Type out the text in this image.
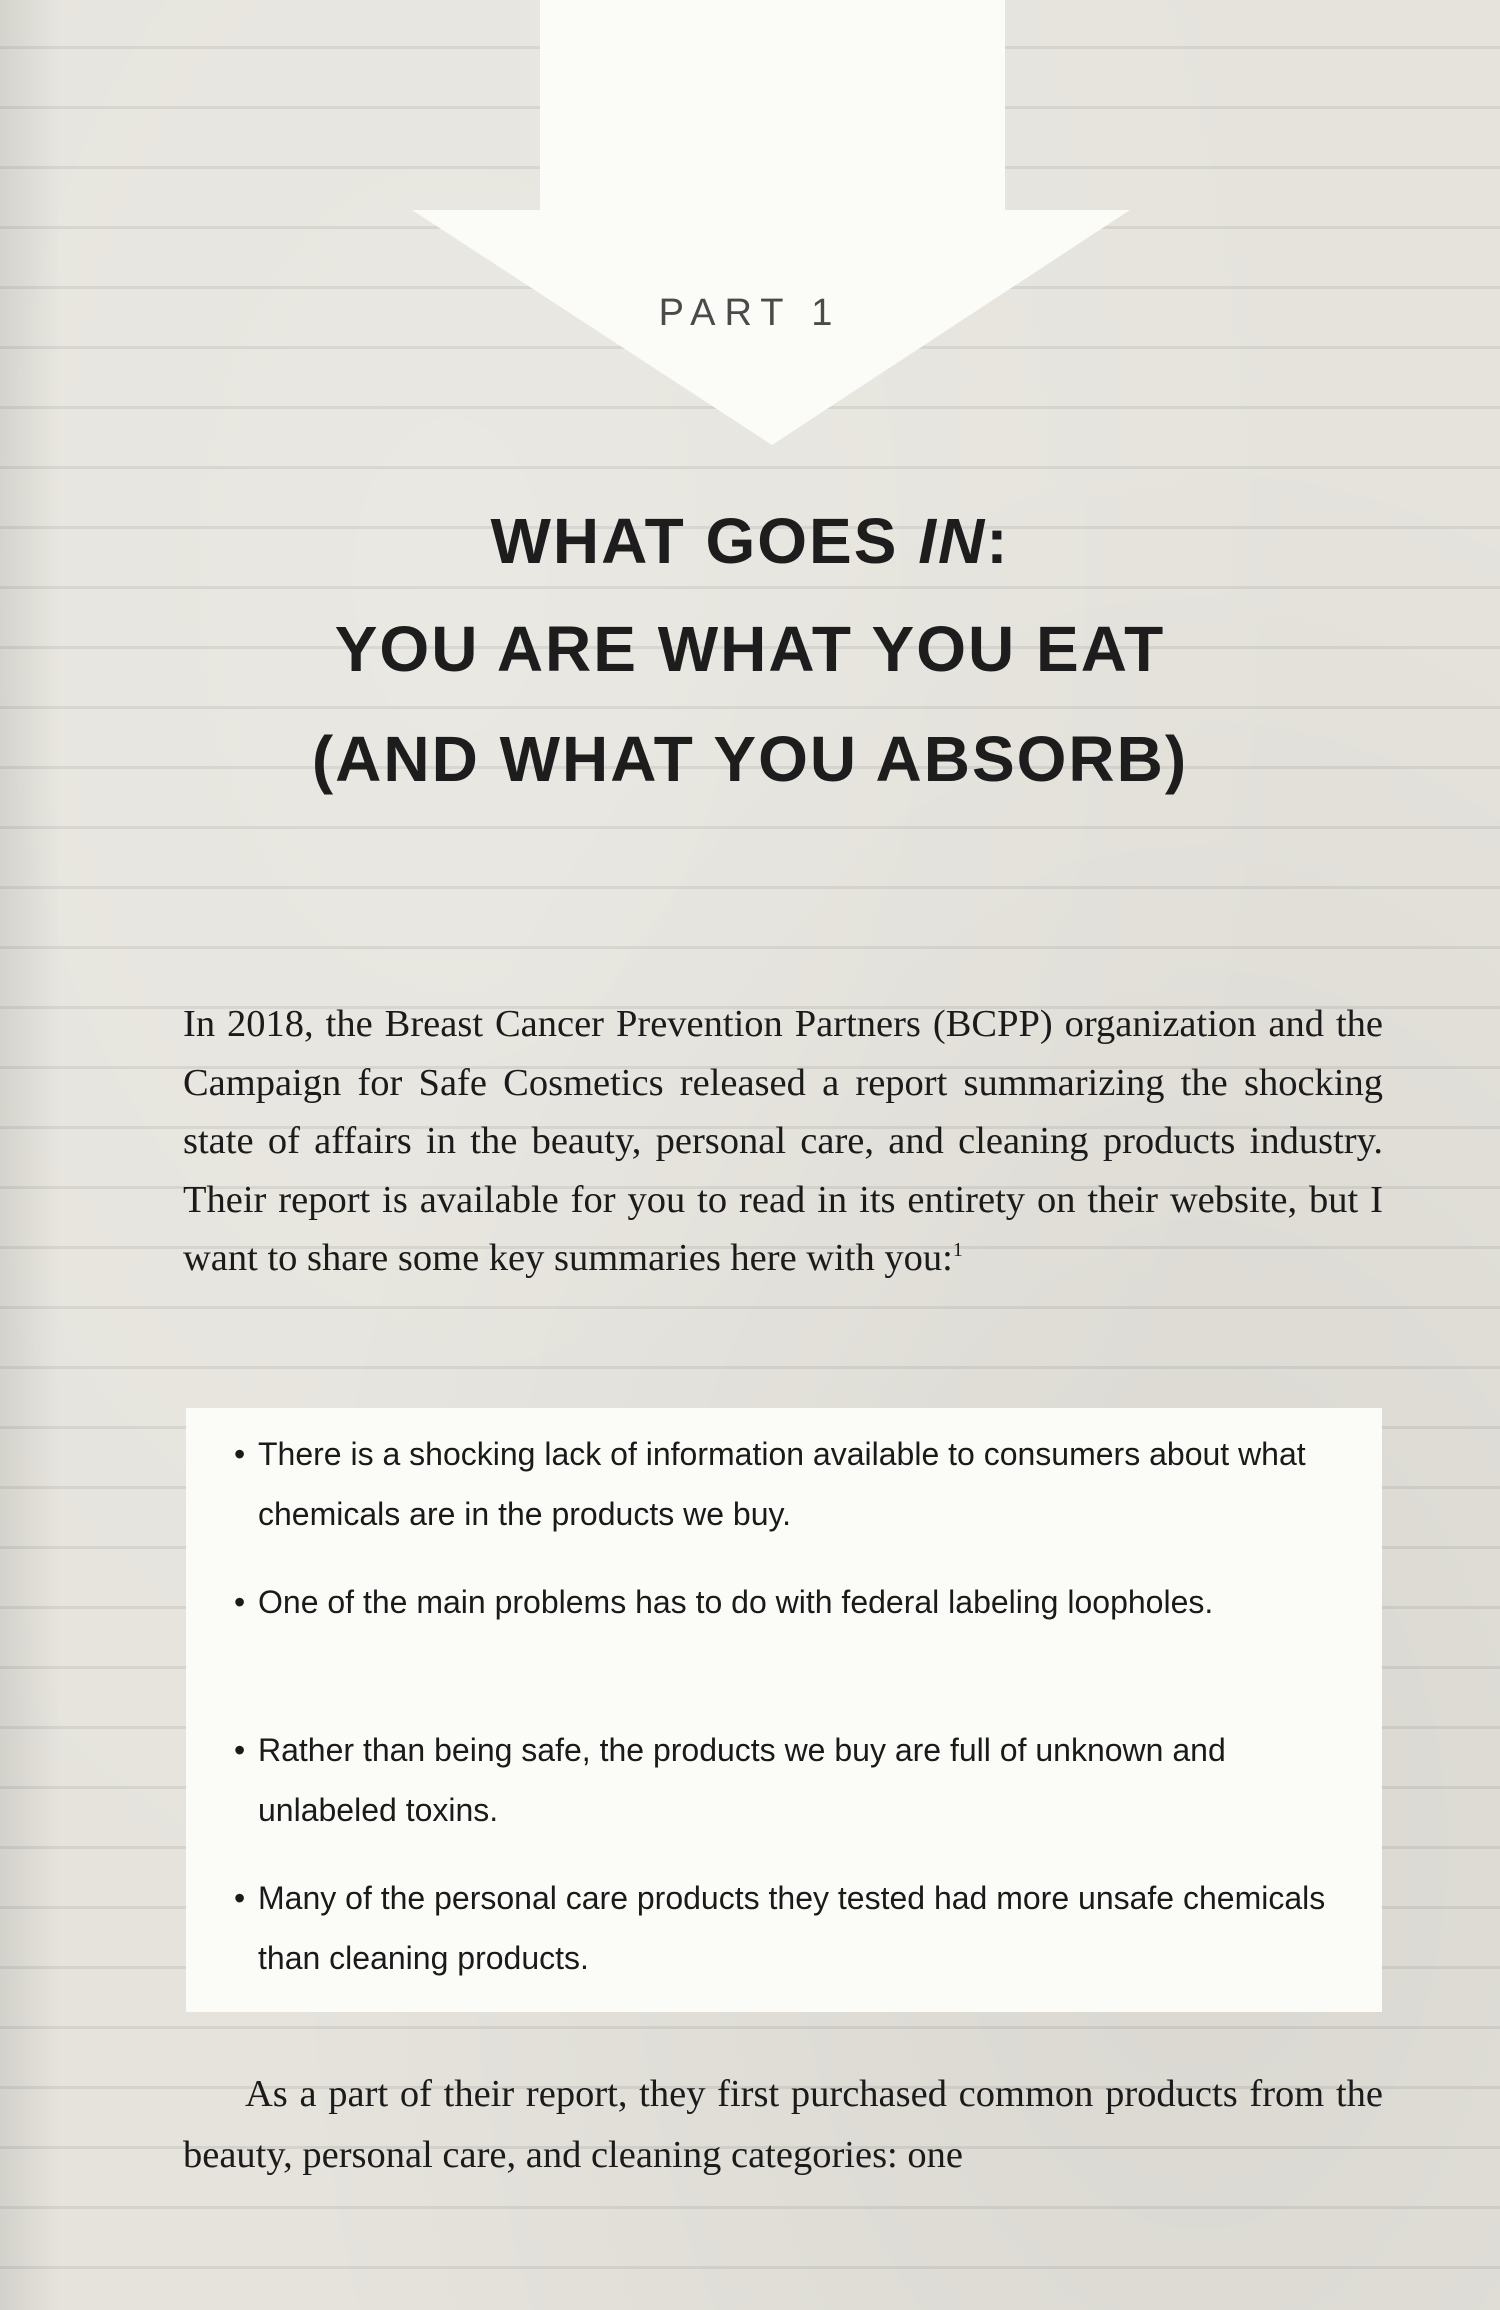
PART 1
WHAT GOES IN:
YOU ARE WHAT YOU EAT
(AND WHAT YOU ABSORB)
In 2018, the Breast Cancer Prevention Partners (BCPP) organization and the Campaign for Safe Cosmetics released a report summarizing the shocking state of affairs in the beauty, personal care, and cleaning products industry. Their report is available for you to read in its entirety on their website, but I want to share some key summaries here with you:$^1$
• There is a shocking lack of information available to consumers about what chemicals are in the products we buy.
• One of the main problems has to do with federal labeling loopholes.
• Rather than being safe, the products we buy are full of unknown and unlabeled toxins.
• Many of the personal care products they tested had more unsafe chemicals than cleaning products.
As a part of their report, they first purchased common products from the beauty, personal care, and cleaning categories: one
